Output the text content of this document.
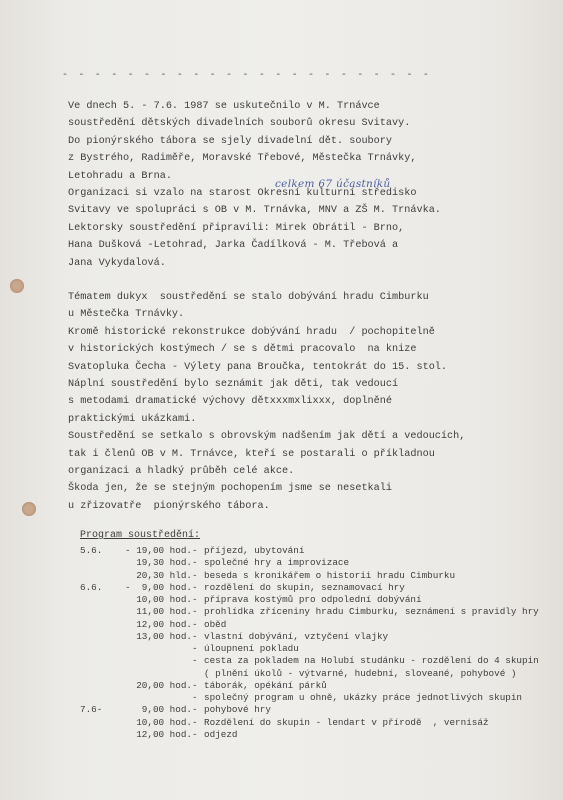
- - - - - - - - - - - - - - - - - - - - - - -
Ve dnech 5. - 7.6. 1987 se uskutečnilo v M. Trnávce
soustředění dětských divadelních souborů okresu Svitavy.
Do pionýrského tábora se sjely divadelní dět. soubory
z Bystrého, Radiměře, Moravské Třebové, Městečka Trnávky,
Letohradu a Brna.
Organizaci si vzalo na starost Okresní kulturní středisko
Svitavy ve spolupráci s OB v M. Trnávka, MNV a ZŠ M. Trnávka.
Lektorsky soustředění připravili: Mirek Obrátil - Brno,
Hana Dušková -Letohrad, Jarka Čadílková - M. Třebová a
Jana Vykydalová.
celkem 67 účastníků
Tématem dukyx  soustředění se stalo dobývání hradu Cimburku
u Městečka Trnávky.
Kromě historické rekonstrukce dobývání hradu  / pochopitelně
v historických kostýmech / se s dětmi pracovalo  na knize
Svatopluka Čecha - Výlety pana Broučka, tentokrát do 15. stol.
Náplní soustředění bylo seznámit jak děti, tak vedoucí
s metodami dramatické výchovy dětxxxmxlixxx, doplněné
praktickými ukázkami.
Soustředění se setkalo s obrovským nadšením jak dětí a vedoucích,
tak i členů OB v M. Trnávce, kteří se postarali o příkladnou
organizaci a hladký průběh celé akce.
Škoda jen, že se stejným pochopením jsme se nesetkali
u zřizovatře  pionýrského tábora.
Program soustředění:
5.6.	- 19,00 hod.	-	příjezd, ubytování
	19,30 hod.	-	společné hry a improvizace
	20,30 hld.	-	beseda s kronikářem o historii hradu Cimburku
6.6.	-  9,00 hod.	-	rozdělení do skupin, seznamovací hry
	10,00 hod.	-	příprava kostýmů pro odpolední dobývání
	11,00 hod.	-	prohlídka zříceniny hradu Cimburku, seznámení s pravidly hry
	12,00 hod.	-	oběd
	13,00 hod.	-	vlastní dobývání, vztyčení vlajky
		-	úloupnení pokladu
		-	cesta za pokladem na Holubí studánku - rozdělení do 4 skupin
			( plnění úkolů - výtvarné, hudební, sloveané, pohybové )
	20,00 hod.	-	táborák, opékání párků
		-	společný program u ohně, ukázky práce jednotlivých skupin
7.6-	9,00 hod.	-	pohybové hry
	10,00 hod.	-	Rozdělení do skupin - lendart v přírodě  , vernisáž
	12,00 hod.	-	odjezd
